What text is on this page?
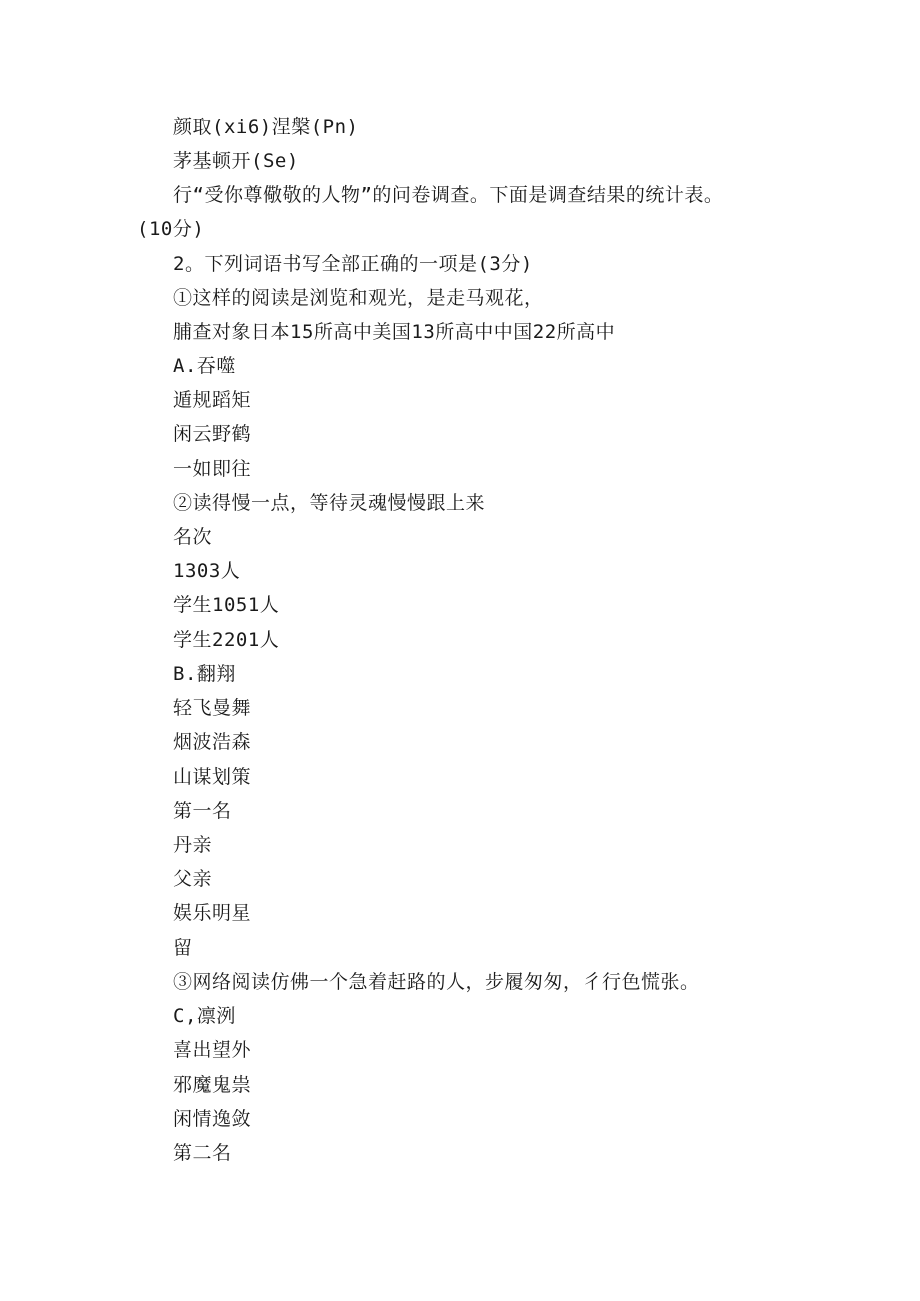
颜取(xi6)涅槃(Pn)
茅基顿开(Se)
行“受你尊儆敬的人物”的问卷调查。下面是调查结果的统计表。
(10分)
2。下列词语书写全部正确的一项是(3分)
①这样的阅读是浏览和观光，是走马观花，
脯查对象日本15所高中美国13所高中中国22所高中
A.吞噬
遁规蹈矩
闲云野鹤
一如即往
②读得慢一点，等待灵魂慢慢跟上来
名次
1303人
学生1051人
学生2201人
B.翻翔
轻飞曼舞
烟波浩森
山谋划策
第一名
丹亲
父亲
娱乐明星
留
③网络阅读仿佛一个急着赶路的人，步履匆匆，彳行色慌张。
C,凛洌
喜出望外
邪魔鬼祟
闲情逸敛
第二名
